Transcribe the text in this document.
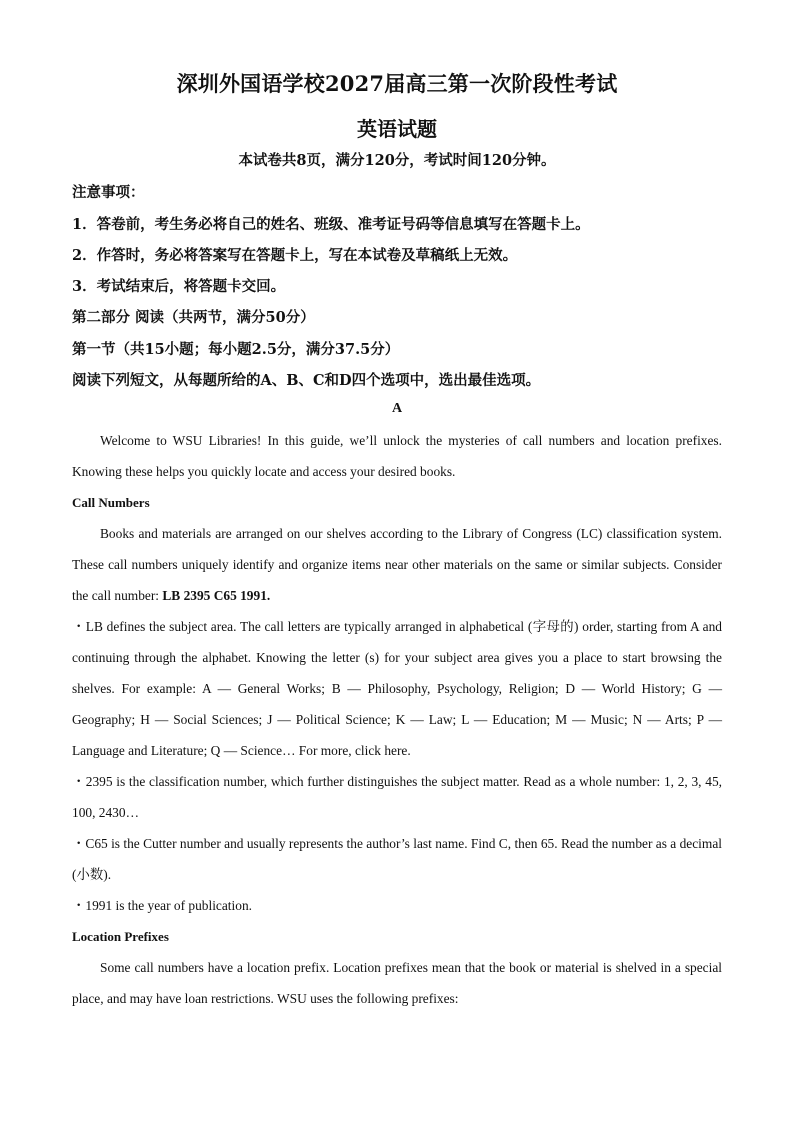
深圳外国语学校2027届高三第一次阶段性考试
英语试题
本试卷共8页，满分120分，考试时间120分钟。
注意事项：
1．答卷前，考生务必将自己的姓名、班级、准考证号码等信息填写在答题卡上。
2．作答时，务必将答案写在答题卡上，写在本试卷及草稿纸上无效。
3．考试结束后，将答题卡交回。
第二部分 阅读（共两节，满分50分）
第一节（共15小题；每小题2.5分，满分37.5分）
阅读下列短文，从每题所给的A、B、C和D四个选项中，选出最佳选项。
A

Welcome to WSU Libraries! In this guide, we’ll unlock the mysteries of call numbers and location prefixes. Knowing these helps you quickly locate and access your desired books.

Call Numbers

Books and materials are arranged on our shelves according to the Library of Congress (LC) classification system. These call numbers uniquely identify and organize items near other materials on the same or similar subjects. Consider the call number: LB 2395 C65 1991.

・LB defines the subject area. The call letters are typically arranged in alphabetical (字母的) order, starting from A and continuing through the alphabet. Knowing the letter (s) for your subject area gives you a place to start browsing the shelves. For example: A — General Works; B — Philosophy, Psychology, Religion; D — World History; G — Geography; H — Social Sciences; J — Political Science; K — Law; L — Education; M — Music; N — Arts; P — Language and Literature; Q — Science… For more, click here.

・2395 is the classification number, which further distinguishes the subject matter. Read as a whole number: 1, 2, 3, 45, 100, 2430…

・C65 is the Cutter number and usually represents the author’s last name. Find C, then 65. Read the number as a decimal (小数).

・1991 is the year of publication.

Location Prefixes

Some call numbers have a location prefix. Location prefixes mean that the book or material is shelved in a special place, and may have loan restrictions. WSU uses the following prefixes:
